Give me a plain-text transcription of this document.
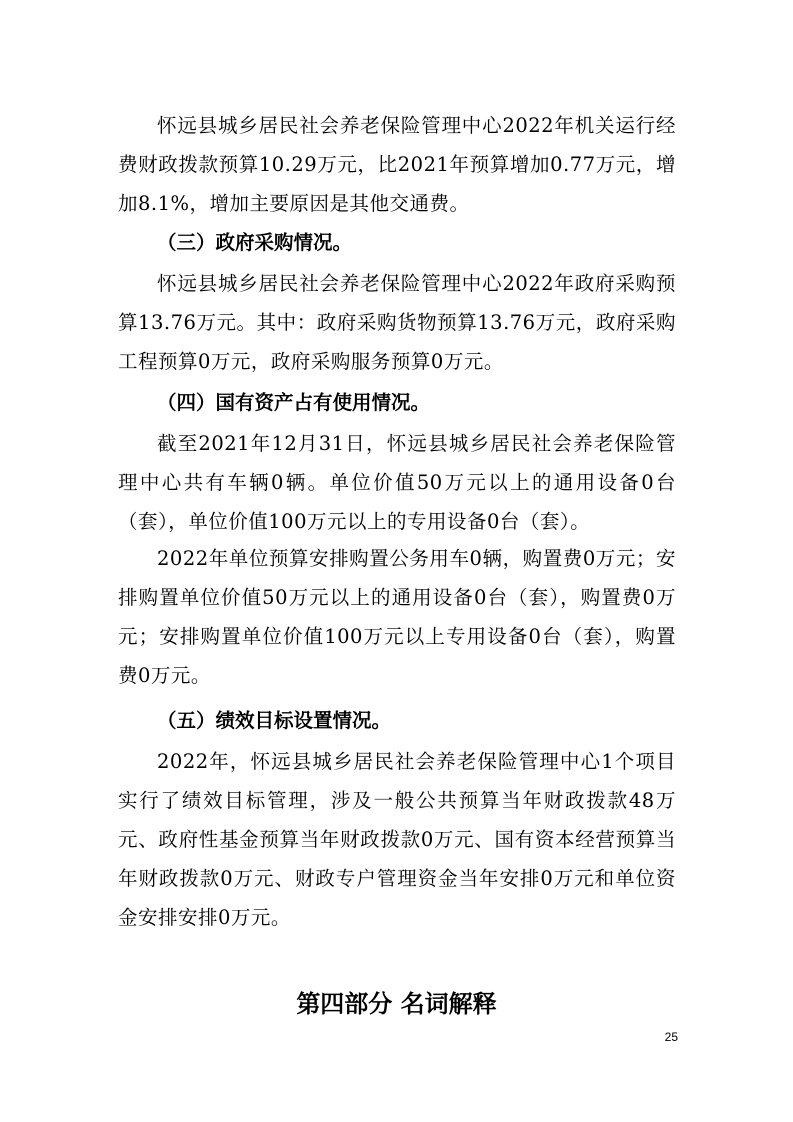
怀远县城乡居民社会养老保险管理中心2022年机关运行经费财政拨款预算10.29万元，比2021年预算增加0.77万元，增加8.1%，增加主要原因是其他交通费。

（三）政府采购情况。

怀远县城乡居民社会养老保险管理中心2022年政府采购预算13.76万元。其中：政府采购货物预算13.76万元，政府采购工程预算0万元，政府采购服务预算0万元。

（四）国有资产占有使用情况。

截至2021年12月31日，怀远县城乡居民社会养老保险管理中心共有车辆0辆。单位价值50万元以上的通用设备0台（套），单位价值100万元以上的专用设备0台（套）。

2022年单位预算安排购置公务用车0辆，购置费0万元；安排购置单位价值50万元以上的通用设备0台（套），购置费0万元；安排购置单位价值100万元以上专用设备0台（套），购置费0万元。

（五）绩效目标设置情况。

2022年，怀远县城乡居民社会养老保险管理中心1个项目实行了绩效目标管理，涉及一般公共预算当年财政拨款48万元、政府性基金预算当年财政拨款0万元、国有资本经营预算当年财政拨款0万元、财政专户管理资金当年安排0万元和单位资金安排安排0万元。

第四部分 名词解释
25
